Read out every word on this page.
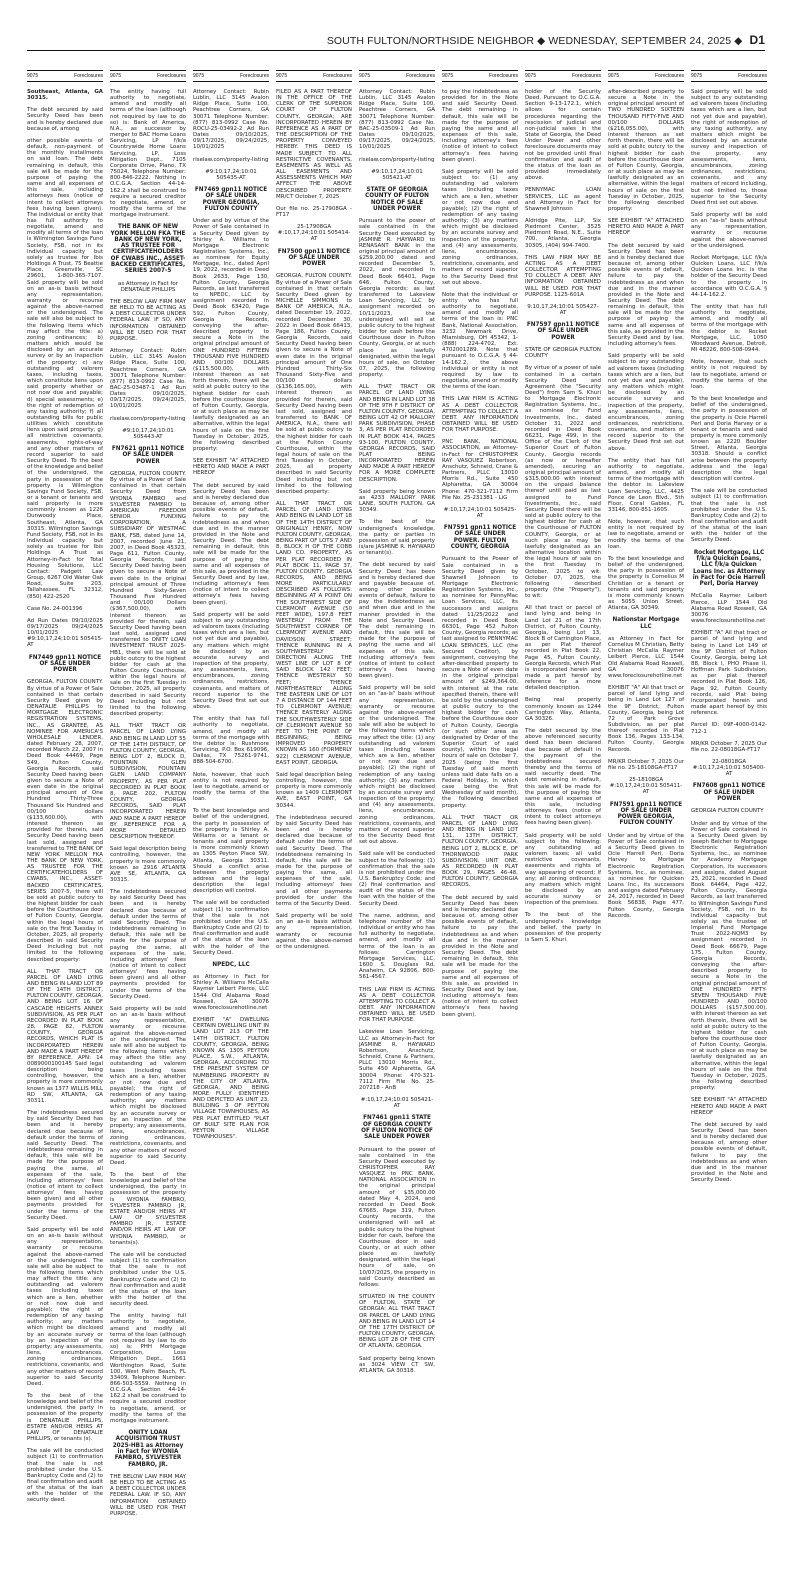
SOUTH FULTON/NORTHSIDE NEIGHBOR ◆ WEDNESDAY, SEPTEMBER 24, 2025 ◆ D1
9075	Foreclosures

Southeast, Atlanta, GA 30315.

The debt secured by said Security Deed has been and is hereby declared due because of, among

other possible events of default, non-payment of the monthly installments on said loan. The debt remaining in default, this sale will be made for the purpose of paying the same and all expenses of this sale, including attorneys fees (notice of intent to collect attorneys fees having been given). The individual or entity that has full authority to negotiate, amend and modify all terms of the loan is Wilmington Savings Fund Society, FSB, not in its individual capacity but solely as trustee for Ibis Holdings A Trust, 75 Beattie Place, Greenville, SC 29601, 1-800-365-7107. Said property will be sold on an as-is basis without any representation, warranty or recourse against the above-named or the undersigned. The sale will also be subject to the following items which may affect the title: a) zoning ordinances; b) matters which would be disclosed by an accurate survey or by an inspection of the property; c) any outstanding ad valorem taxes, including taxes, which constitute liens upon said property whether or not now due and payable; d) special assessments; e) the right of redemption of any taxing authority; f) all outstanding bills for public utilities which constitute liens upon said property; g) all restrictive covenants, easements, rights-of-way and any other matters of record superior to said Security Deed. To the best of the knowledge and belief of the undersigned, the party in possession of the property is Wilmington Savings Fund Society, FSB, or a tenant or tenants and said property is more commonly known as 1226 Dunwoody Place, Southeast, Atlanta, GA 30315. Wilmington Savings Fund Society, FSB, not in its individual capacity but solely as trustee for Ibis Holdings A Trust as Attorney-in-Fact for Total Housing Solutions, LLC Contact: Padgett Law Group, 6267 Old Water Oak Road, Suite 203, Tallahassee, FL 32312, (850) 422-2520

Case No. 24-001396

Ad Run Dates 09/10/2025 09/17/2025 09/24/2025 10/01/2025 #9:10,17,24;10:01 505415-AT

FN7449 gpn11 NOTICE OF SALE UNDER POWER

GEORGIA, FULTON COUNTY. By virtue of a Power of Sale contained in that certain Security Deed given by DENATALIE PHILLIPS to MORTGAGE ELECTRONIC REGISTRATION SYSTEMS, INC., AS GRANTEE, AS NOMINEE FOR AMERICA'S WHOLESALE LENDER, dated February 28, 2007, recorded March 22, 2007 in Deed Book 44469, Page 549, Fulton County, Georgia Records, said Security Deed having been given to secure a Note of even date in the original principal amount of One Hundred Thirty-Three Thousand Six Hundred and 00/100 dollars ($133,600.00), with interest thereon as provided for therein, said Security Deed having been last sold, assigned and transferred to THE BANK OF NEW YORK MELLON FKA THE BANK OF NEW YORK, AS TRUSTEE FOR THE CERTIFICATEHOLDERS OF CWABS, INC., ASSET-BACKED CERTIFICATES, SERIES 2007-5, there will be sold at public outcry to the highest bidder for cash before the Courthouse door of Fulton County, Georgia, within the legal hours of sale on the first Tuesday in October, 2025, all property described in said Security Deed including but not limited to the following described property:

ALL THAT TRACT OR PARCEL OF LAND LYING AND BEING IN LAND LOT 89 OF THE 14TH DISTRICT, FULTON COUNTY, GEORGIA, AND BEING LOT 16 OF CASCADE HEIGHTS ANNEX SUBDIVISION, AS PER PLAT RECORDED IN PLAT BOOK 28, PAGE 82, FULTON COUNTY, GEORGIA RECORDS, WHICH PLAT IS INCORPORATED HEREIN AND MADE A PART HEREOF BY REFERENCE. APN: 14 0089000100145 Said legal description being controlling, however, the property is more commonly known as 1377 WILLIS MILL RD SW, ATLANTA, GA 30311.

The indebtedness secured by said Security Deed has been and is hereby declared due because of default under the terms of said Security Deed. The indebtedness remaining in default, this sale will be made for the purpose of paying the same, all expenses of the sale, including attorneys' fees (notice of intent to collect attorneys' fees having been given) and all other payments provided for under the terms of the Security Deed.

Said property will be sold on an as-is basis without any representation, warranty or recourse against the above-named or the undersigned. The sale will also be subject to the following items which may affect the title: any outstanding ad valorem taxes (including taxes which are a lien, whether or not now due and payable); the right of redemption of any taxing authority; any matters which might be disclosed by an accurate survey or by an inspection of the property; any assessments, liens, encumbrances, zoning ordinances, restrictions, covenants, and any other matters of record superior to said Security Deed.

To the best of the knowledge and belief of the undersigned, the party in possession of the property is DENATALIE PHILLIPS, ESTATE AND/OR HEIRS AT LAW OF DENATALIE PHILLIPS, or tenants (s).

The sale will be conducted subject (1) to confirmation that the sale is not prohibited under the U.S. Bankruptcy Code and (2) to final confirmation and audit of the status of the loan with the holder of the security deed.

9075	Foreclosures

The entity having full authority to negotiate, amend and modify all terms of the loan (although not required by law to do so) is: Bank of America, N.A., as successor by merger to BAC Home Loans Servicing, LP f/k/a Countrywide Home Loans Servicing, LP, Loss Mitigation Dept., 7105 Corporate Drive, Plano, TX 75024, Telephone Number: 800-846-2222. Nothing in O.C.G.A. Section 44-14-162.2 shall be construed to require a secured creditor to negotiate, amend, or modify the terms of the mortgage instrument.

THE BANK OF NEW YORK MELLON FKA THE BANK OF NEW YORK, AS TRUSTEE FOR CERTIFICATEHOLDERS OF CWABS INC., ASSET-BACKED CERTIFICATES, SERIES 2007-5

as Attorney in Fact for DENATALIE PHILLIPS

THE BELOW LAW FIRM MAY BE HELD TO BE ACTING AS A DEBT COLLECTOR UNDER FEDERAL LAW. IF SO, ANY INFORMATION OBTAINED WILL BE USED FOR THAT PURPOSE.

Attorney Contact: Rubin Lublin, LLC 3145 Avalon Ridge Place, Suite 100, Peachtree Corners, GA 30071 Telephone Number: (877) 813-0992 Case No. BAC-25-03487-1 Ad Run Dates 09/10/2025, 09/17/2025, 09/24/2025, 10/01/2025

rlselaw.com/property-listing

#9:10,17,24;10:01 505443-AT

FN7621 gpn11 NOTICE OF SALE UNDER POWER

GEORGIA, FULTON COUNTY. By virtue of a Power of Sale contained in that certain Security Deed from WYONIA FAMBRO and SYLVESTER FAMBRO to AMERICAN FREEDOM SENIOR FUNDING CORPORATION, A SUBSIDIARY OF WESTMAC BANK, FSB, dated June 14, 2007, recorded June 21, 2007, in Deed Book 45323, Page 611, Fulton County, Georgia Records, said Security Deed having been given to secure a Note of even date in the original principal amount of Three Hundred Sixty-Seven Thousand Five Hundred and 00/100 Dollars ($367,500.00), with interest thereon as provided for therein, said Security Deed having been last sold, assigned and transferred to ONITY LOAN INVESTMENT TRUST 2025-HB1, there will be sold at public outcry to the highest bidder for cash at the Fulton County Courthouse, within the legal hours of sale on the first Tuesday in October, 2025, all property described in said Security Deed including but not limited to the following described property:

ALL THAT TRACT OR PARCEL OF LAND LYING AND BEING IN LAND LOT 55 OF THE 14TH DISTRICT, OF FULTON COUNTY, GEORGIA, BEING LOT 2, BLOCK D, FOUNTAIN GLEN SUBDIVISION, FOUNTAIN GLEN LAND COMPANY PROPERTY, AS PER PLAT RECORDED IN PLAT BOOK 8, PAGE 202, FULTON COUNTY, GEORGIA RECORDS, SAID PLAT INCORPORATED HEREIN AND MADE A PART HEREOF BY REFERENCE FOR A MORE DETAILED DESCRIPTION THEREOF.

Said legal description being controlling, however, the property is more commonly known as 2916 ATLANTA AVE SE, ATLANTA, GA 30315.

The indebtedness secured by said Security Deed has been and is hereby declared due because of default under the terms of said Security Deed. The indebtedness remaining in default, this sale will be made for the purpose of paying the same, all expenses of the sale, including attorneys' fees (notice of intent to collect attorneys' fees having been given) and all other payments provided for under the terms of the Security Deed.

Said property will be sold on an as-is basis without any representation, warranty or recourse against the above-named or the undersigned. The sale will also be subject to the following items which may affect the title: any outstanding ad valorem taxes (including taxes which are a lien, whether or not now due and payable); the right of redemption of any taxing authority; any matters which might be disclosed by an accurate survey or by an inspection of the property; any assessments, liens, encumbrances, zoning ordinances, restrictions, covenants, and any other matters of record superior to said Security Deed.

To the best of the knowledge and belief of the undersigned, the party in possession of the property is WYONIA FAMBRO, SYLVESTER FAMBRO JR, ESTATE AND/OR HEIRS AT LAW OF SYLVESTER FAMBRO JR, ESTATE AND/OR HEIRS AT LAW OF WYONIA FAMBRO, or tenants(s).

The sale will be conducted subject (1) to confirmation that the sale is not prohibited under the U.S. Bankruptcy Code and (2) to final confirmation and audit of the status of the loan with the holder of the security deed.

The entity having full authority to negotiate, amend and modify all terms of the loan (although not required by law to do so) is: PHH Mortgage Corporation, Loss Mitigation Dept., 1661 Worthington Road, Suite 100, West Palm Beach, FL 33409, Telephone Number: 866-503-5559. Nothing in O.C.G.A. Section 44-14-162.2 shall be construed to require a secured creditor to negotiate, amend, or modify the terms of the mortgage instrument.

ONITY LOAN ACQUISITION TRUST 2025-HB1 as Attorney in Fact for WYONIA FAMBRO, SYLVESTER FAMBRO, JR.

THE BELOW LAW FIRM MAY BE HELD TO BE ACTING AS A DEBT COLLECTOR UNDER FEDERAL LAW. IF SO, ANY INFORMATION OBTAINED WILL BE USED FOR THAT PURPOSE.

9075	Foreclosures

Attorney Contact: Rubin Lublin, LLC 3145 Avalon Ridge Place, Suite 100, Peachtree Corners, GA 30071 Telephone Number: (877) 813-0992 Case No. ROCU-25-03492-2 Ad Run Dates 09/10/2025, 09/17/2025, 09/24/2025, 10/01/2025

rlselaw.com/property-listing

#9:10,17,24;10:01 505435-AT

FN7469 gpn11 NOTICE OF SALE UNDER POWER GEORGIA, FULTON COUNTY

Under and by virtue of the Power of Sale contained in a Security Deed given by Shirley A. Williams to Mortgage Electronic Registration Systems, Inc., as nominee for Equity Mortgage, Inc., dated April 19, 2022, recorded in Deed Book 2633, Page 130, Fulton County, Georgia Records, as last transferred to NPEDC, LLC by assignment recorded in Deed Book 63420, Page 592, Fulton County, Georgia Records, conveying the after-described property to secure a Note in the original principal amount of ONE HUNDRED FIFTEEN THOUSAND FIVE HUNDRED AND 00/100 DOLLARS ($115,500.00), with interest thereon as set forth therein, there will be sold at public outcry to the highest bidder for cash before the courthouse door of Fulton County, Georgia, or at such place as may be lawfully designated as an alternative, within the legal hours of sale on the first Tuesday in October, 2025, the following described property:

SEE EXHIBIT "A" ATTACHED HERETO AND MADE A PART HEREOF

The debt secured by said Security Deed has been and is hereby declared due because of, among other possible events of default, failure to pay the indebtedness as and when due and in the manner provided in the Note and Security Deed. The debt remaining in default, this sale will be made for the purpose of paying the same and all expenses of this sale, as provided in the Security Deed and by law, including attorney's fees (notice of intent to collect attorney's fees having been given).

Said property will be sold subject to any outstanding ad valorem taxes (including taxes which are a lien, but not yet due and payable), any matters which might be disclosed by an accurate survey and inspection of the property, any assessments, liens, encumbrances, zoning ordinances, restrictions, covenants, and matters of record superior to the Security Deed first set out above.

The entity that has full authority to negotiate, amend, and modify all terms of the mortgage with the debtor is: Rushmore Servicing, P.O. Box 619096, Dallas, TX 75261-9741, 888-504-6700.

Note, however, that such entity is not required by law to negotiate, amend or modify the terms of the loan.

To the best knowledge and belief of the undersigned, the party in possession of the property is Shirley A. Williams or a tenant or tenants and said property is more commonly known as 1305 Peyton Place SW, Atlanta, Georgia 30311. Should a conflict arise between the property address and the legal description the legal description will control.

The sale will be conducted subject (1) to confirmation that the sale is not prohibited under the U.S. Bankruptcy Code and (2) to final confirmation and audit of the status of the loan with the holder of the Security Deed.

NPEDC, LLC

as Attorney in Fact for Shirley A. Williams McCalla Raymer Leibert Pierce, LLC 1544 Old Alabama Road Roswell, GA 30076 www.foreclosurehotline.net

EXHIBIT "A" DWELLING CERTAIN DWELLING UNIT IN LAND LOT 213 OF THE 14TH DISTRICT, FULTON COUNTY, GEORGIA, BEING KNOWN AS 1305 PEYTON PLACE, S.W., ATLANTA, GEORGIA, ACCORDING TO THE PRESENT SYSTEM OF NUMBERING PROPERTY IN THE CITY OF ATLANTA, GEORGIA, AND BEING MORE FULLY IDENTIFIED AND DEPICTED AS UNIT 23, BUILDING 3 OF PEYTON VILLAGE TOWNHOUSES, AS PER PLAT ENTITLED "PLAT OF BUILT SITE PLAN FOR PEYTON VILLAGE TOWNHOUSES".

9075	Foreclosures

FILED AS A PART THEREOF IN THE OFFICE OF THE CLERK OF THE SUPERIOR COURT OF FULTON COUNTY, GEORGIA; ARE INCORPORATED HEREIN BY REFERENCE AS A PART OF THE DESCRIPTION OF THE PROPERTY CONVEYED HEREBY. THIS DEED IS MADE SUBJECT TO ALL RESTRICTIVE COVENANTS, EASEMENTS AS WELL AS ALL EASEMENTS AND ASSESSMENTS WHICH MAY AFFECT THE ABOVE DESCRIBED PROPERTY. MR/CT October 7, 2025

Our file no. 25-17908GA - FT17

25-17908GA #:10,17,24;10:01 505414-AT

FN7500 gpn11 NOTICE OF SALE UNDER POWER

GEORGIA, FULTON COUNTY. By virtue of a Power of Sale contained in that certain Security Deed given by MICHELLE SIMMONS to BANK OF AMERICA, N.A., dated December 19, 2022, recorded December 30, 2022 in Deed Book 66413, Page 186, Fulton County, Georgia Records, said Security Deed having been given to secure a Note of even date in the original principal amount of One Hundred Thirty-Six Thousand Sixty-Five and 00/100 dollars ($136,165.00), with interest thereon as provided for therein, said Security Deed having been last sold, assigned and transferred to BANK OF AMERICA, N.A., there will be sold at public outcry to the highest bidder for cash at the Fulton County Courthouse, within the legal hours of sale on the first Tuesday in October, 2025, all property described in said Security Deed including but not limited to the following described property:

ALL THAT TRACT OR PARCEL OF LAND LYING AND BEING IN LAND LOT 18 OF THE 14TH DISTRICT OF ORIGINALLY HENRY, NOW FULTON COUNTY, GEORGIA, BEING PART OF LOTS 7 AND 8, BLOCK H OF THE COBB LAND CO. PROPERTY, AS PER PLAT RECORDED IN PLAT BOOK 11, PAGE 37, FULTON COUNTY, GEORGIA RECORDS, AND BEING MORE PARTICULARLY DESCRIBED AS FOLLOWS: BEGINNING AT A POINT ON THE SOUTHWEST SIDE OF CLERMONT AVENUE (50 FEET WIDE), 197.8 FEET WESTERLY FROM THE SOUTHWEST CORNER OF CLERMONT AVENUE AND DAVIDSON STREET; THENCE RUNNING IN A SOUTHWESTERLY DIRECTION ALONG THE WEST LINE OF LOT 8 OF SAID BLOCK 142 FEET; THENCE WESTERLY 50 FEET; THENCE NORTHEASTERLY ALONG THE EASTERN LINE OF LOT 7 A DISTANCE OF 144 FEET TO CLERMONT AVENUE; THENCE EASTERLY ALONG THE SOUTHWESTERLY SIDE OF CLERMONT AVENUE 50 FEET TO THE POINT OF BEGINNING; BEING IMPROVED PROPERTY KNOWN AS 160 (FORMERLY 922) CLERMONT AVENUE, EAST POINT, GEORGIA.

Said legal description being controlling, however, the property is more commonly known as 1409 CLERMONT AVE, EAST POINT, GA 30344.

The indebtedness secured by said Security Deed has been and is hereby declared due because of default under the terms of said Security Deed. The indebtedness remaining in default, this sale will be made for the purpose of paying the same, all expenses of the sale, including attorneys' fees and all other payments provided for under the terms of the Security Deed.

Said property will be sold on an as-is basis without any representation, warranty or recourse against the above-named or the undersigned.

9075	Foreclosures

Attorney Contact: Rubin Lublin, LLC 3145 Avalon Ridge Place, Suite 100, Peachtree Corners, GA 30071 Telephone Number: (877) 813-0992 Case No. BAC-25-03509-1 Ad Run Dates 09/10/2025, 09/17/2025, 09/24/2025, 10/01/2025

rlselaw.com/property-listing

#9:10,17,24;10:01 505421-AT

STATE OF GEORGIA COUNTY OF FULTON NOTICE OF SALE UNDER POWER

Pursuant to the power of sale contained in the Security Deed executed by JASMINE R. HAYWARD to RENASANT BANK in the original principal amount of $259,200.00 dated and recorded December 5, 2022, and recorded in Deed Book 66401, Page 646, Fulton County, Georgia records; as last transferred to Lakeview Loan Servicing, LLC by assignment recorded on 10/11/2023, the undersigned will sell at public outcry to the highest bidder for cash before the Courthouse door in Fulton County, Georgia, or at such place as lawfully designated, within the legal hours of sale, on October 07, 2025, the following property:

ALL THAT TRACT OR PARCEL OF LAND LYING AND BEING IN LAND LOT 38 OF THE 9TH F DISTRICT OF FULTON COUNTY, GEORGIA, BEING LOT 42 OF MALLORY PARK SUBDIVISION, PHASE 3, AS PER PLAT RECORDED IN PLAT BOOK 414, PAGES 93-100, FULTON COUNTY, GEORGIA RECORDS, SAID PLAT BEING INCORPORATED HEREIN AND MADE A PART HEREOF FOR A MORE COMPLETE DESCRIPTION.

Said property being known as 4233 MALLORY PARK LANE, SOUTH FULTON, GA 30349.

To the best of the undersigned's knowledge, the party or parties in possession of said property is/are JASMINE R. HAYWARD or tenant(s).

The debt secured by said Security Deed has been and is hereby declared due and payable because of, among other possible events of default, failure to pay the indebtedness as and when due and in the manner provided in the Note and Security Deed. The debt remaining in default, this sale will be made for the purpose of paying the same and all expenses of this sale, including attorney's fees (notice of intent to collect attorney's fees having been given).

Said property will be sold on an "as-is" basis without any representation, warranty or recourse against the above-named or the undersigned. The sale will also be subject to the following items which may affect the title: (1) any outstanding ad valorem taxes (including taxes which are a lien, whether or not now due and payable); (2) the right of redemption of any taxing authority; (3) any matters which might be disclosed by an accurate survey and inspection of the property; and (4) any assessments, liens, encumbrances, zoning ordinances, restrictions, covenants, and matters of record superior to the Security Deed first set out above.

Said sale will be conducted subject to the following: (1) confirmation that the sale is not prohibited under the U.S. Bankruptcy Code; and (2) final confirmation and audit of the status of the loan with the holder of the Security Deed.

The name, address, and telephone number of the individual or entity who has full authority to negotiate, amend, and modify all terms of the loan is as follows: Carrington Mortgage Services, LLC, 1600 S. Douglass Rd, Anaheim, CA 92806, 800-561-4567.

THIS LAW FIRM IS ACTING AS A DEBT COLLECTOR ATTEMPTING TO COLLECT A DEBT. ANY INFORMATION OBTAINED WILL BE USED FOR THAT PURPOSE.

Lakeview Loan Servicing, LLC as Attorney-in-Fact for JASMINE R. HAYWARD Robertson, Anschutz, Schneid, Crane & Partners, PLLC 13010 Morris Rd., Suite 450 Alpharetta, GA 30004 Phone: 470-321-7112 Firm File No. 25-207218 - AnB

#:10,17,24;10:01 505421-AT

FN7461 gpn11 STATE OF GEORGIA COUNTY OF FULTON NOTICE OF SALE UNDER POWER

Pursuant to the power of sale contained in the Security Deed executed by CHRISTOPHER RAY VASQUEZ to PNC BANK, NATIONAL ASSOCIATION in the original principal amount of $35,000.00 dated May 4, 2024, and recorded in Deed Book 67665, Page 319, Fulton County records, the undersigned will sell at public outcry to the highest bidder for cash, before the Courthouse door in said County, or at such other place as lawfully designated, within the legal hours of sale, on 10/07/2025, the property in said County described as follows:

SITUATED IN THE COUNTY OF FULTON, STATE OF GEORGIA: ALL THAT TRACT OR PARCEL OF LAND LYING AND BEING IN LAND LOT 14 OF THE 17TH DISTRICT OF FULTON COUNTY, GEORGIA, BEING LOT 28 OF THE CITY OF ATLANTA, GEORGIA.

Said property being known as 3024 VIEW CT SW, ATLANTA, GA 30318.

9075	Foreclosures

to pay the indebtedness as provided for in the Note and said Security Deed. The debt remaining in default, this sale will be made for the purpose of paying the same and all expenses of this sale, including attorney's fees (notice of intent to collect attorney's fees having been given).

Said property will be sold subject to: (1) any outstanding ad valorem taxes (including taxes which are a lien, whether or not now due and payable); (2) the right of redemption of any taxing authority; (3) any matters which might be disclosed by an accurate survey and inspection of the property; and (4) any assessments, liens, encumbrances, zoning ordinances, restrictions, covenants, and matters of record superior to the Security Deed first set out above.

Note that the individual or entity who has full authority to negotiate, amend and modify all terms of the loan is: PNC Bank, National Association, 3232 Newmark Drive, Miamisburg, OH 45342, 1-(888) 224-4702, Ext. 4702001289. Note that pursuant to O.C.G.A. § 44-14-162.2, the above individual or entity is not required by law to negotiate, amend or modify the terms of the loan.

THIS LAW FIRM IS ACTING AS A DEBT COLLECTOR ATTEMPTING TO COLLECT A DEBT. ANY INFORMATION OBTAINED WILL BE USED FOR THAT PURPOSE.

PNC BANK, NATIONAL ASSOCIATION, as Attorney-in-Fact for CHRISTOPHER RAY VASQUEZ Robertson, Anschutz, Schneid, Crane & Partners, PLLC 13010 Morris Rd., Suite 450 Alpharetta, GA 30004 Phone: 470-321-7112 Firm File No. 25-231381 - LiG

#:10,17,24;10:01 505425-AT

FN7591 gpn11 NOTICE OF SALE UNDER POWER. FULTON COUNTY, GEORGIA

Pursuant to the Power of Sale contained in a Security Deed given by Shawnell Johnson to Mortgage Electronic Registration Systems, Inc., as nominee for PennyMac Loan Services, LLC, its successors and assigns dated 11/25/2022 and recorded in Deed Book 66301, Page 452 Fulton County, Georgia records; as last assigned to PENNYMAC LOAN SERVICES, LLC (the Secured Creditor), by assignment, conveying the after-described property to secure a Note of even date in the original principal amount of $249,364.00, with interest at the rate specified therein, there will be sold by the undersigned at public outcry to the highest bidder for cash before the Courthouse door of Fulton County, Georgia (or such other area as designated by Order of the Superior Court of said county), within the legal hours of sale on October 7, 2025 (being the first Tuesday of said month unless said date falls on a Federal Holiday, in which case being the first Wednesday of said month), the following described property:

ALL THAT TRACT OR PARCEL OF LAND LYING AND BEING IN LAND LOT 131, 13TH DISTRICT, FULTON COUNTY, GEORGIA, BEING LOT 2, BLOCK E, OF THORNWOOD PARK SUBDIVISION, UNIT ONE, AS RECORDED IN PLAT BOOK 29, PAGES 46-48, FULTON COUNTY, GEORGIA RECORDS.

The debt secured by said Security Deed has been and is hereby declared due because of, among other possible events of default, failure to pay the indebtedness as and when due and in the manner provided in the Note and Security Deed. The debt remaining in default, this sale will be made for the purpose of paying the same and all expenses of this sale, as provided in Security Deed and by law, including attorney's fees (notice of intent to collect attorney's fees having been given).

9075	Foreclosures

holder of the Security Deed. Pursuant to O.C.G.A. Section 9-13-172.1, which allows for certain procedures regarding the rescission of judicial and non-judicial sales in the State of Georgia, the Deed Under Power and other foreclosure documents may not be provided until final confirmation and audit of the status of the loan as provided immediately above.

PENNYMAC LOAN SERVICES, LLC as agent and Attorney in Fact for Shawnell Johnson

Aldridge Pite, LLP, Six Piedmont Center, 3525 Piedmont Road, N.E., Suite 700, Atlanta, Georgia 30305, (404) 994-7400.

THIS LAW FIRM MAY BE ACTING AS A DEBT COLLECTOR ATTEMPTING TO COLLECT A DEBT. ANY INFORMATION OBTAINED WILL BE USED FOR THAT PURPOSE. 1125-601A

9:10,17,24;10:01 505427-AT

FN7597 gpn11 NOTICE OF SALE UNDER POWER

STATE OF GEORGIA FULTON COUNTY

By virtue of a power of sale contained in a certain Security Deed and Agreement (the "Security Deed") from Sam S. Khuri to Mortgage Electronic Registration Systems, Inc., as nominee for Fund Investments, Inc., dated October 31, 2022 and recorded in Deed Book 66231, Page 499, in the Office of the Clerk of the Superior Court of Fulton County, Georgia records (as now or hereafter amended), securing an original principal amount of $315,000.00 with interest on the unpaid balance thereof until paid as last assigned to Fund Investments, Inc., said Security Deed there will be sold at public outcry to the highest bidder for cash at the Courthouse of FULTON COUNTY, Georgia, or at such place as may be lawfully designated as an alternative location within the legal hours of sale on the first Tuesday in October, 2025 to wit: October 07, 2025, the following described property (the "Property"), to wit:

All that tract or parcel of land lying and being in Land Lot 21 of the 17th District, of Fulton County, Georgia, being Lot 13, Block B of Carrington Place, as per Plat thereof recorded in Plat Book 22, Page 45, Fulton County, Georgia Records, which Plat is incorporated herein and made a part hereof by reference for a more detailed description.

Being real property commonly known as 1244 Carrington Way, Atlanta, GA 30326.

The debt secured by the above referenced security deed has been declared due because of default in the payment of the indebtedness secured thereby and the terms of said security deed. The debt remaining in default, this sale will be made for the purpose of paying the same and all expenses of this sale, including attorneys fees (notice of intent to collect attorneys fees having been given).

Said property will be sold subject to the following: any outstanding ad valorem taxes; all valid restrictive covenants, easements and rights of way appearing of record; if any; all zoning ordinances; any matters which might be disclosed by an accurate survey or inspection of the premises.

To the best of the undersigned's knowledge and belief, the party in possession of the property is Sam S. Khuri.

9075	Foreclosures

after-described property to secure a Note in the original principal amount of TWO HUNDRED SIXTEEN THOUSAND FIFTY-FIVE AND 00/100 DOLLARS ($216,055.00), with interest thereon as set forth therein, there will be sold at public outcry to the highest bidder for cash before the courthouse door of Fulton County, Georgia, or at such place as may be lawfully designated as an alternative, within the legal hours of sale on the first Tuesday in October, 2025, the following described property:

SEE EXHIBIT "A" ATTACHED HERETO AND MADE A PART HEREOF

The debt secured by said Security Deed has been and is hereby declared due because of, among other possible events of default, failure to pay the indebtedness as and when due and in the manner provided in the Note and Security Deed. The debt remaining in default, this sale will be made for the purpose of paying the same and all expenses of this sale, as provided in the Security Deed and by law, including attorney's fees.

Said property will be sold subject to any outstanding ad valorem taxes (including taxes which are a lien, but not yet due and payable), any matters which might be disclosed by an accurate survey and inspection of the property, any assessments, liens, encumbrances, zoning ordinances, restrictions, covenants, and matters of record superior to the Security Deed first set out above.

The entity that has full authority to negotiate, amend, and modify all terms of the mortgage with the debtor is: Lakeview Loan Servicing, LLC, 4425 Ponce de Leon Blvd., 5th Floor, Coral Gables, FL 33146, 800-851-1605.

Note, however, that such entity is not required by law to negotiate, amend or modify the terms of the loan.

To the best knowledge and belief of the undersigned, the party in possession of the property is Cornelius M Christian or a tenant or tenants and said property is more commonly known as 5055 Union Street, Atlanta, GA 30349.

Nationstar Mortgage LLC

as Attorney in Fact for Cornelius M Christian, Betty Christian McCalla Raymer Leibert Pierce, LLC 1544 Old Alabama Road Roswell, GA 30076 www.foreclosurehotline.net

EXHIBIT "A" All that tract or parcel of land lying and being in Land Lot 127 of the 9F District, Fulton County, Georgia, being Lot 72 of Park Grove Subdivision, as per plat thereof recorded in Plat Book 136, Pages 133-134, Fulton County, Georgia Records.

MR/KR October 7, 2025 Our file no. 25-18108GA-FT17

25-18108GA #:10,17,24;10:01 505411-AT

FN7591 gpn11 NOTICE OF SALE UNDER POWER GEORGIA, FULTON COUNTY

Under and by virtue of the Power of Sale contained in a Security Deed given to Ocie Harrell Perl, Doria Harvey to Mortgage Electronic Registration Systems, Inc., as nominee, as nominee for Quicken Loans Inc., its successors and assigns dated February 24, 2017, recorded in Deed Book 56838, Page 477, Fulton County, Georgia Records.

9075	Foreclosures

Said property will be sold subject to any outstanding ad valorem taxes (including taxes which are a lien, but not yet due and payable), the right of redemption of any taxing authority, any matters which might be disclosed by an accurate survey and inspection of the property, any assessments, liens, encumbrances, zoning ordinances, restrictions, covenants, and any matters of record including, but not limited to, those superior to the Security Deed first set out above.

Said property will be sold on an "as-is" basis without any representation, warranty or recourse against the above-named or the undersigned.

Rocket Mortgage, LLC f/k/a Quicken Loans, LLC f/k/a Quicken Loans Inc. is the holder of the Security Deed to the property in accordance with O.C.G.A. § 44-14-162.2.

The entity that has full authority to negotiate, amend, and modify all terms of the mortgage with the debtor is: Rocket Mortgage, LLC, 1050 Woodward Avenue, Detroit, MI 48226, 800-508-0944.

Note, however, that such entity is not required by law to negotiate, amend or modify the terms of the loan.

To the best knowledge and belief of the undersigned, the party in possession of the property is Ocie Harrell Perl and Doria Harvey or a tenant or tenants and said property is more commonly known as 2220 Boulder Street, Atlanta, Georgia 30318. Should a conflict arise between the property address and the legal description the legal description will control.

The sale will be conducted subject (1) to confirmation that the sale is not prohibited under the U.S. Bankruptcy Code and (2) to final confirmation and audit of the status of the loan with the holder of the Security Deed.

Rocket Mortgage, LLC f/k/a Quicken Loans, LLC f/k/a Quicken Loans Inc. as Attorney in Fact for Ocie Harrell Perl, Doria Harvey

McCalla Raymer Leibert Pierce, LLP 1544 Old Alabama Road Roswell, GA 30076 www.foreclosurehotline.net

EXHIBIT "A" All that tract or parcel of land lying and being in Land Lot 149 of the 9F District of Fulton County, Georgia, being Lot 88, Block I, PHO Phase II, Hoffman Park Subdivision, as per plat thereof recorded in Plat Book 126, Page 92, Fulton County records, said Plat being incorporated herein and made apart hereof by this reference.

Parcel ID: 09F-4000-0142-712-1

MR/KR October 7, 2025 Our file no. 22-08018GA-FT17

22-08018GA #:10,17,24;10:01 505400-AT

FN7608 gpn11 NOTICE OF SALE UNDER POWER

GEORGIA FULTON COUNTY

Under and by virtue of the Power of Sale contained in a Security Deed given by Joseph Belcher to Mortgage Electronic Registration Systems, Inc., as nominee for Academy Mortgage Corporation, its successors and assigns, dated August 23, 2021, recorded in Deed Book 64464, Page 422, Fulton County, Georgia Records, as last transferred to Wilmington Savings Fund Society, FSB, not in its individual capacity but solely as the trustee of Imperial Fund Mortgage Trust 2022-NQM3 by assignment recorded in Deed Book 66679, Page 175, Fulton County, Georgia Records, conveying the after-described property to secure a Note in the original principal amount of ONE HUNDRED FIFTY-SEVEN THOUSAND FIVE HUNDRED AND 00/100 DOLLARS ($157,500.00), with interest thereon as set forth therein, there will be sold at public outcry to the highest bidder for cash before the courthouse door of Fulton County, Georgia, or at such place as may be lawfully designated as an alternative, within the legal hours of sale on the first Tuesday in October, 2025, the following described property:

SEE EXHIBIT "A" ATTACHED HERETO AND MADE A PART HEREOF

The debt secured by said Security Deed has been and is hereby declared due because of, among other possible events of default, failure to pay the indebtedness as and when due and in the manner provided in the Note and Security Deed.
